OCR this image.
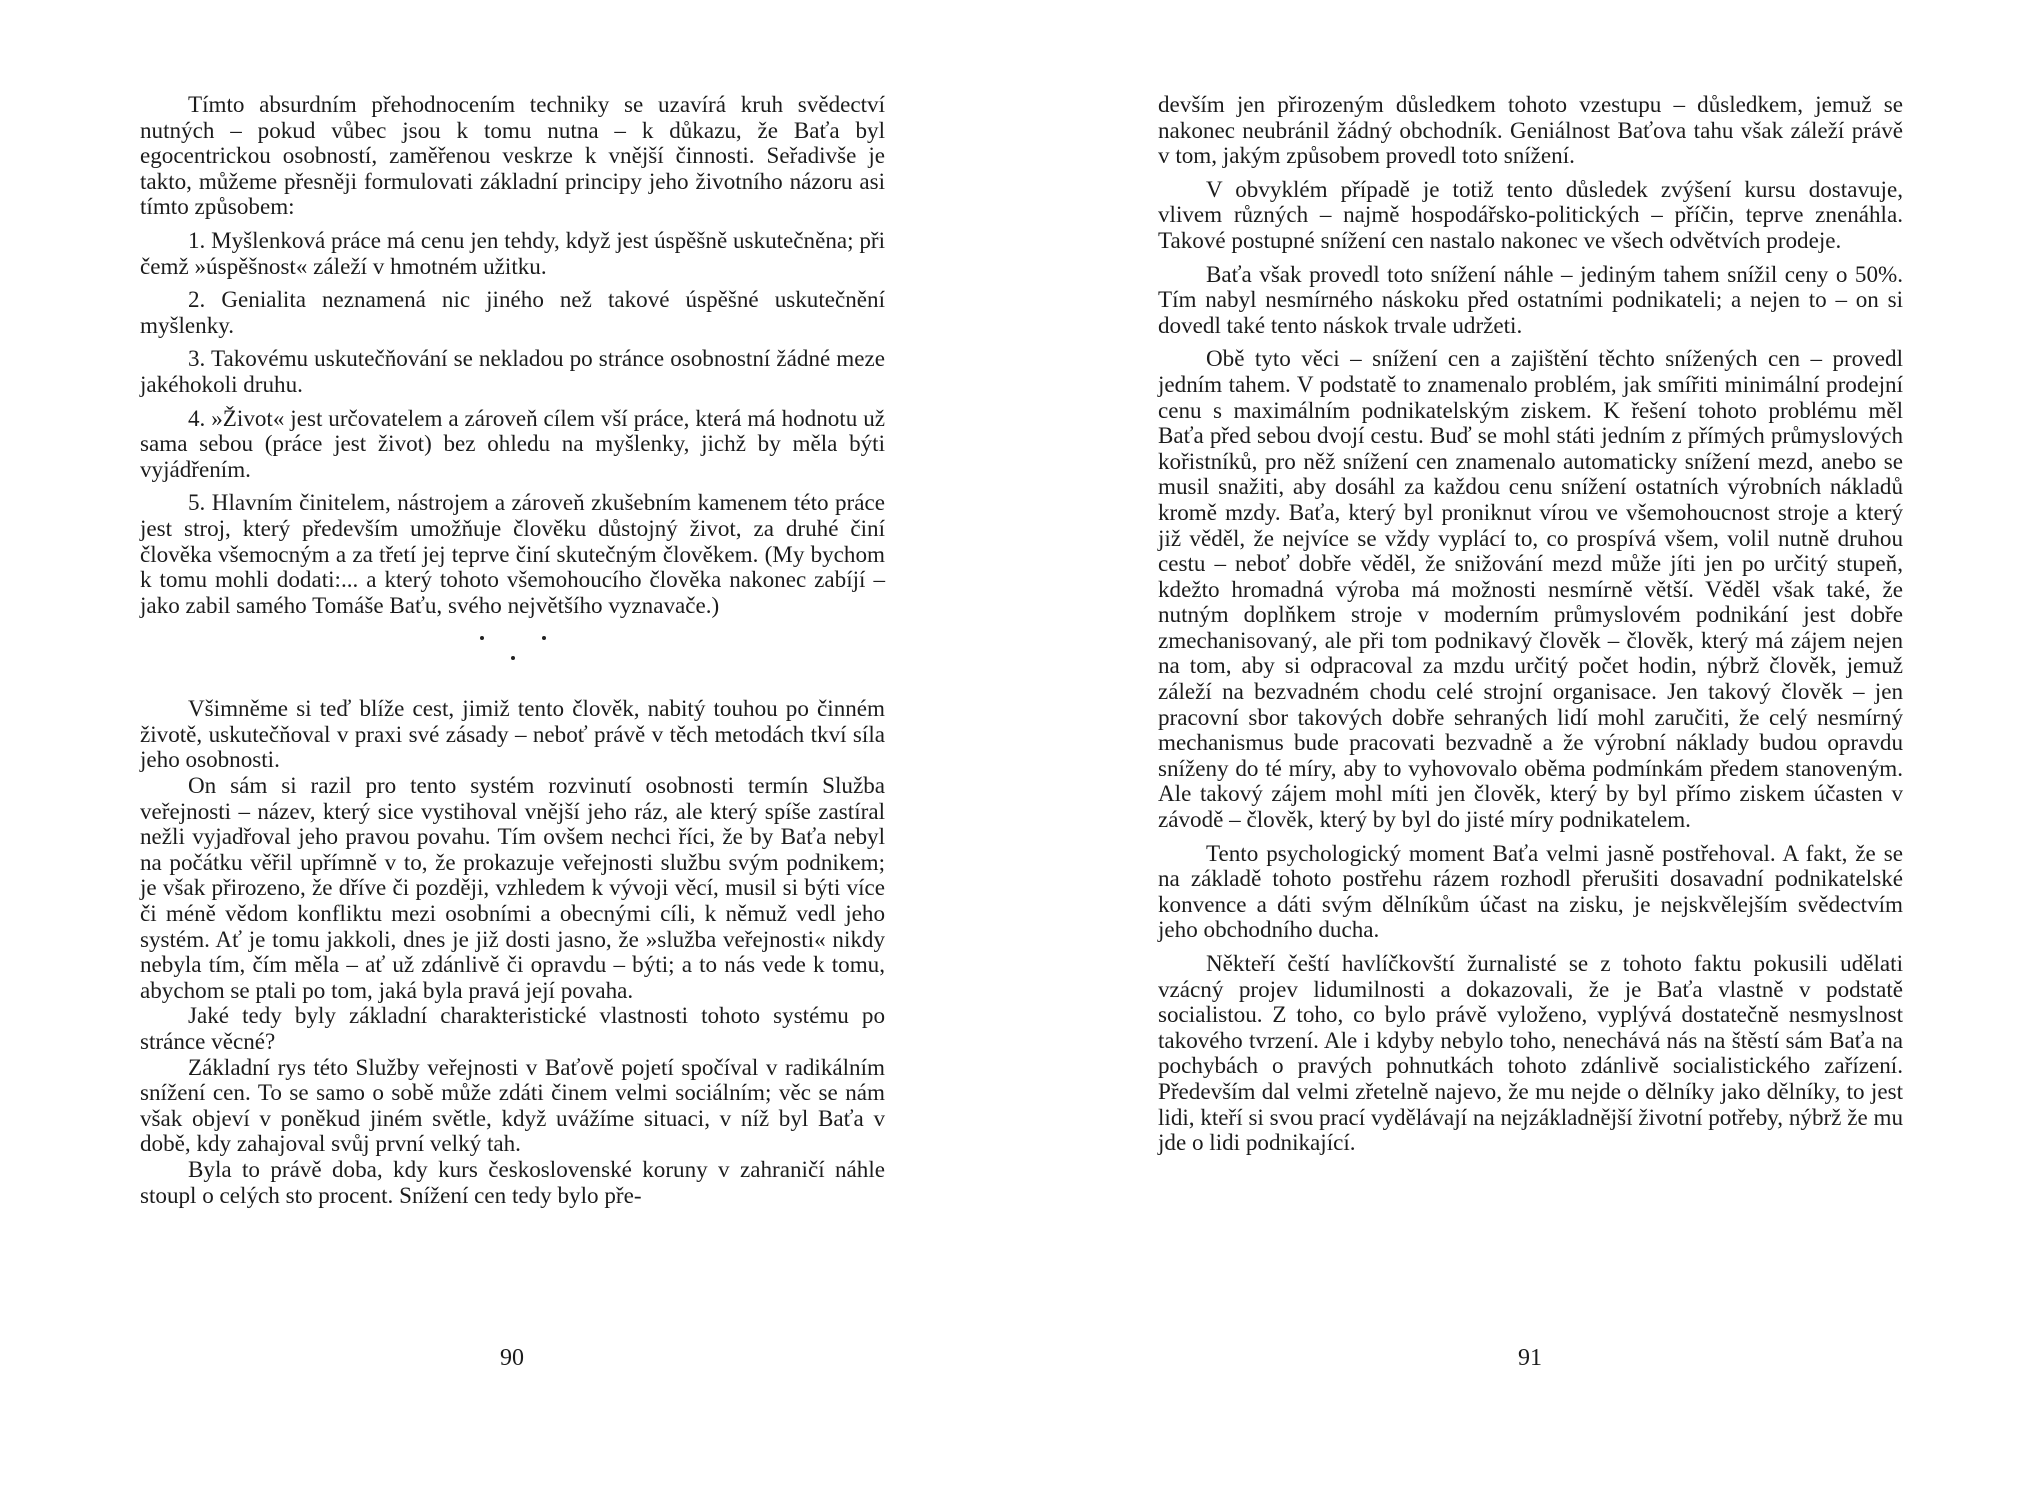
Tímto absurdním přehodnocením techniky se uzavírá kruh svědectví nutných – pokud vůbec jsou k tomu nutna – k důkazu, že Baťa byl egocentrickou osobností, zaměřenou veskrze k vnější činnosti. Seřadivše je takto, můžeme přesněji formulovati základní principy jeho životního názoru asi tímto způsobem:

1. Myšlenková práce má cenu jen tehdy, když jest úspěšně uskutečněna; při čemž »úspěšnost« záleží v hmotném užitku.

2. Genialita neznamená nic jiného než takové úspěšné uskutečnění myšlenky.

3. Takovému uskutečňování se nekladou po stránce osobnostní žádné meze jakéhokoli druhu.

4. »Život« jest určovatelem a zároveň cílem vší práce, která má hodnotu už sama sebou (práce jest život) bez ohledu na myšlenky, jichž by měla býti vyjádřením.

5. Hlavním činitelem, nástrojem a zároveň zkušebním kamenem této práce jest stroj, který především umožňuje člověku důstojný život, za druhé činí člověka všemocným a za třetí jej teprve činí skutečným člověkem. (My bychom k tomu mohli dodati:... a který tohoto všemohoucího člověka nakonec zabíjí – jako zabil samého Tomáše Baťu, svého největšího vyznavače.)

Všimněme si teď blíže cest, jimiž tento člověk, nabitý touhou po činném životě, uskutečňoval v praxi své zásady – neboť právě v těch metodách tkví síla jeho osobnosti.

On sám si razil pro tento systém rozvinutí osobnosti termín Služba veřejnosti – název, který sice vystihoval vnější jeho ráz, ale který spíše zastíral nežli vyjadřoval jeho pravou povahu. Tím ovšem nechci říci, že by Baťa nebyl na počátku věřil upřímně v to, že prokazuje veřejnosti službu svým podnikem; je však přirozeno, že dříve či později, vzhledem k vývoji věcí, musil si býti více či méně vědom konfliktu mezi osobními a obecnými cíli, k němuž vedl jeho systém. Ať je tomu jakkoli, dnes je již dosti jasno, že »služba veřejnosti« nikdy nebyla tím, čím měla – ať už zdánlivě či opravdu – býti; a to nás vede k tomu, abychom se ptali po tom, jaká byla pravá její povaha.

Jaké tedy byly základní charakteristické vlastnosti tohoto systému po stránce věcné?

Základní rys této Služby veřejnosti v Baťově pojetí spočíval v radikálním snížení cen. To se samo o sobě může zdáti činem velmi sociálním; věc se nám však objeví v poněkud jiném světle, když uvážíme situaci, v níž byl Baťa v době, kdy zahajoval svůj první velký tah.

Byla to právě doba, kdy kurs československé koruny v zahraničí náhle stoupl o celých sto procent. Snížení cen tedy bylo pře-

90

devším jen přirozeným důsledkem tohoto vzestupu – důsledkem, jemuž se nakonec neubránil žádný obchodník. Geniálnost Baťova tahu však záleží právě v tom, jakým způsobem provedl toto snížení.

V obvyklém případě je totiž tento důsledek zvýšení kursu dostavuje, vlivem různých – najmě hospodářsko-politických – příčin, teprve znenáhla. Takové postupné snížení cen nastalo nakonec ve všech odvětvích prodeje.

Baťa však provedl toto snížení náhle – jediným tahem snížil ceny o 50%. Tím nabyl nesmírného náskoku před ostatními podnikateli; a nejen to – on si dovedl také tento náskok trvale udržeti.

Obě tyto věci – snížení cen a zajištění těchto snížených cen – provedl jedním tahem. V podstatě to znamenalo problém, jak smířiti minimální prodejní cenu s maximálním podnikatelským ziskem. K řešení tohoto problému měl Baťa před sebou dvojí cestu. Buď se mohl státi jedním z přímých průmyslových kořistníků, pro něž snížení cen znamenalo automaticky snížení mezd, anebo se musil snažiti, aby dosáhl za každou cenu snížení ostatních výrobních nákladů kromě mzdy. Baťa, který byl proniknut vírou ve všemohoucnost stroje a který již věděl, že nejvíce se vždy vyplácí to, co prospívá všem, volil nutně druhou cestu – neboť dobře věděl, že snižování mezd může jíti jen po určitý stupeň, kdežto hromadná výroba má možnosti nesmírně větší. Věděl však také, že nutným doplňkem stroje v moderním průmyslovém podnikání jest dobře zmechanisovaný, ale při tom podnikavý člověk – člověk, který má zájem nejen na tom, aby si odpracoval za mzdu určitý počet hodin, nýbrž člověk, jemuž záleží na bezvadném chodu celé strojní organisace. Jen takový člověk – jen pracovní sbor takových dobře sehraných lidí mohl zaručiti, že celý nesmírný mechanismus bude pracovati bezvadně a že výrobní náklady budou opravdu sníženy do té míry, aby to vyhovovalo oběma podmínkám předem stanoveným. Ale takový zájem mohl míti jen člověk, který by byl přímo ziskem účasten v závodě – člověk, který by byl do jisté míry podnikatelem.

Tento psychologický moment Baťa velmi jasně postřehoval. A fakt, že se na základě tohoto postřehu rázem rozhodl přerušiti dosavadní podnikatelské konvence a dáti svým dělníkům účast na zisku, je nejskvělejším svědectvím jeho obchodního ducha.

Někteří čeští havlíčkovští žurnalisté se z tohoto faktu pokusili udělati vzácný projev lidumilnosti a dokazovali, že je Baťa vlastně v podstatě socialistou. Z toho, co bylo právě vyloženo, vyplývá dostatečně nesmyslnost takového tvrzení. Ale i kdyby nebylo toho, nenechává nás na štěstí sám Baťa na pochybách o pravých pohnutkách tohoto zdánlivě socialistického zařízení. Především dal velmi zřetelně najevo, že mu nejde o dělníky jako dělníky, to jest lidi, kteří si svou prací vydělávají na nejzákladnější životní potřeby, nýbrž že mu jde o lidi podnikající.

91
